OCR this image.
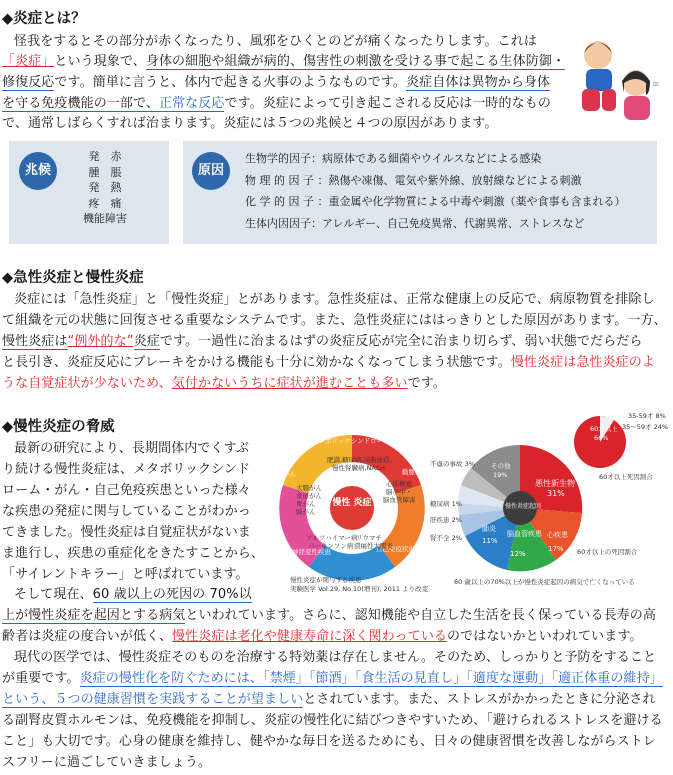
◆炎症とは？
怪我をするとその部分が赤くなったり、風邪をひくとのどが痛くなったりします。これは
「炎症」という現象で、身体の細胞や組織が病的、傷害性の刺激を受ける事で起こる生体防御・
修復反応です。簡単に言うと、体内で起きる火事のようなものです。炎症自体は異物から身体
を守る免疫機能の一部で、正常な反応です。炎症によって引き起こされる反応は一時的なもの
で、通常しばらくすれば治まります。炎症には５つの兆候と４つの原因があります。
≋
兆候
発　赤
腫　脹
発　熱
疼　痛
機能障害
原因
生物学的因子：病原体である細菌やウイルスなどによる感染
物 理 的 因 子 ：熱傷や凍傷、電気や紫外線、放射線などによる刺激
化 学 的 因 子 ：重金属や化学物質による中毒や刺激（薬や食事も含まれる）
生体内因因子：アレルギー、自己免疫異常、代謝異常、ストレスなど
◆急性炎症と慢性炎症
炎症には「急性炎症」と「慢性炎症」とがあります。急性炎症は、正常な健康上の反応で、病原物質を排除し
て組織を元の状態に回復させる重要なシステムです。また、急性炎症にははっきりとした原因があります。一方、
慢性炎症は“例外的な”炎症です。一過性に治まるはずの炎症反応が完全に治まり切らず、弱い状態でだらだら
と長引き、炎症反応にブレーキをかける機能も十分に効かなくなってしまう状態です。慢性炎症は急性炎症のよ
うな自覚症状が少ないため、気付かないうちに症状が進むことも多いです。
◆慢性炎症の脅威
最新の研究により、長期間体内でくすぶ
り続ける慢性炎症は、メタボリックシンド
ローム・がん・自己免疫疾患といった様々
な疾患の発症に関与していることがわかっ
てきました。慢性炎症は自覚症状がないま
ま進行し、疾患の重症化をきたすことから、
「サイレントキラー」と呼ばれています。
そして現在、60 歳以上の死因の 70%以
上が慢性炎症を起因とする病気といわれています。さらに、認知機能や自立した生活を長く保っている長寿の高
齢者は炎症の度合いが低く、慢性炎症は老化や健康寿命に深く関わっているのではないかといわれています。
現代の医学では、慢性炎症そのものを治療する特効薬は存在しません。そのため、しっかりと予防をすること
が重要です。炎症の慢性化を防ぐためには、「禁煙」「節酒」「食生活の見直し」「適度な運動」「適正体重の維持」
という、５つの健康習慣を実践することが望ましいとされています。また、ストレスがかかったときに分泌され
る副腎皮質ホルモンは、免疫機能を抑制し、炎症の慢性化に結びつきやすいため、「避けられるストレスを避ける
こと」も大切です。心身の健康を維持し、健やかな毎日を送るためにも、日々の健康習慣を改善しながらストレ
スフリーに過ごしていきましょう。
慢性 炎症
メタボリックシンドローム
動脈硬化
自己免疫疾患
神経変性疾患
がん
肥満,糖尿病,高脂血症,
慢性腎臓病,NASH
心筋梗塞
脳卒中・
脳血管障害
リウマチ
潰瘍性大腸炎
アルツハイマー病
パーキンソン病
大腸がん
食道がん
胃がん
肺がん
慢性炎症が関与する疾患
実験医学 Vol.29, No.10(増刊), 2011 より改変
慢性炎症起因
悪性新生物
31%
心疾患
17%
脳血管疾患
12%
肺炎
11%
腎不全 2%
肝疾患 2%
糖尿病 1%
不慮の事故 3% その他
19%
60才以上
66%
35-59才 8%
35～59才 24%
60才以上死因割合
60才以上の死因割合
60 歳以上の70%以上が慢性炎症起因の病気で亡くなっている
